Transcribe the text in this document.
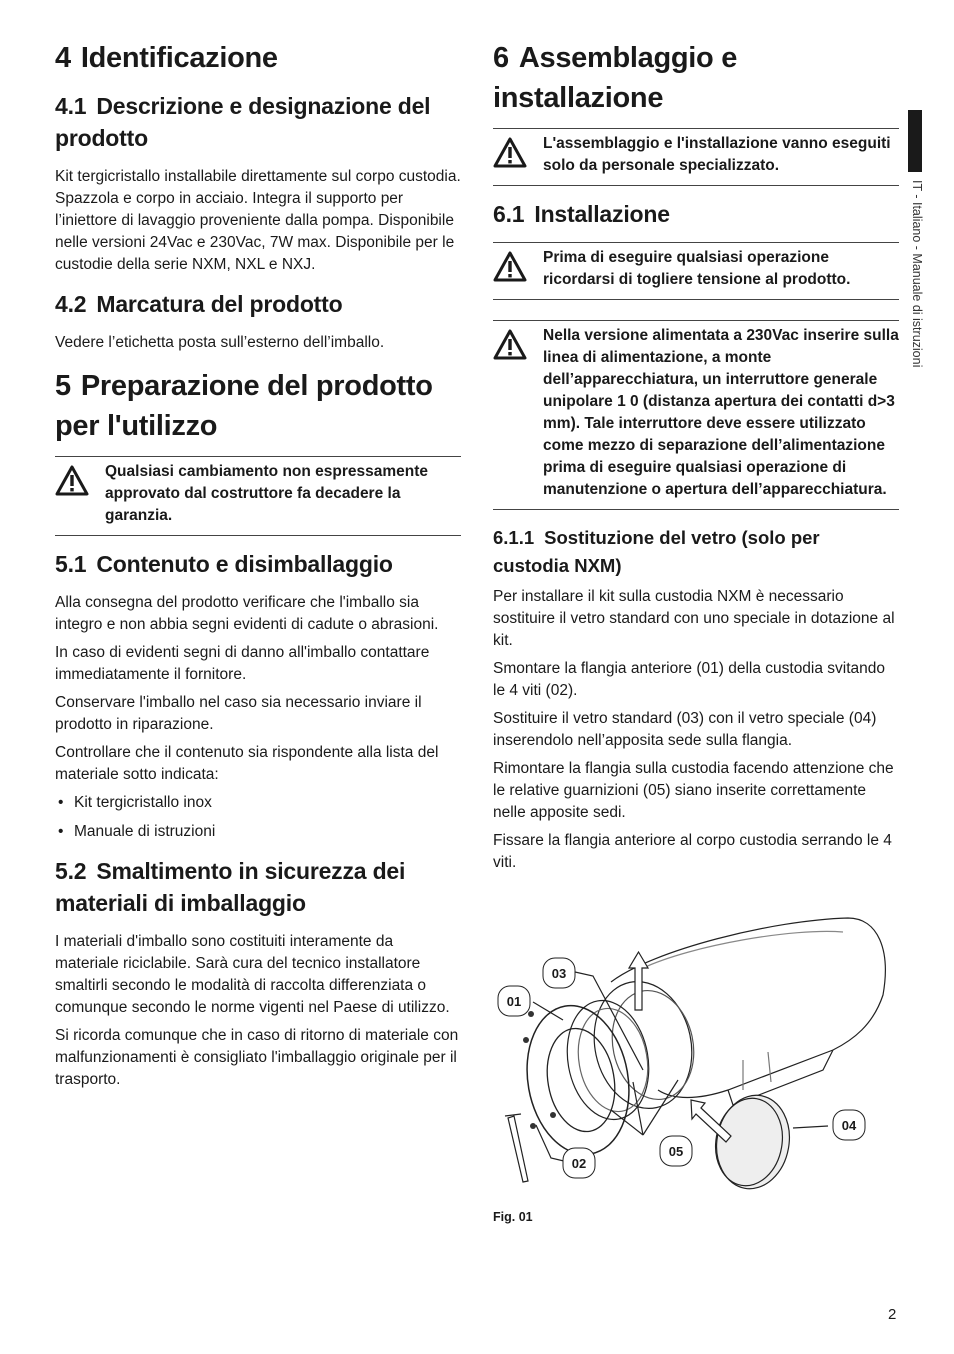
IT - Italiano - Manuale di istruzioni
4 Identificazione
4.1 Descrizione e designazione del prodotto

Kit tergicristallo installabile direttamente sul corpo custodia. Spazzola e corpo in acciaio. Integra il supporto per l’iniettore di lavaggio proveniente dalla pompa. Disponibile nelle versioni 24Vac e 230Vac, 7W max. Disponibile per le custodie della serie NXM, NXL e NXJ.

4.2 Marcatura del prodotto

Vedere l’etichetta posta sull’esterno dell’imballo.

5 Preparazione del prodotto per l'utilizzo
Qualsiasi cambiamento non espressamente approvato dal costruttore fa decadere la garanzia.
5.1 Contenuto e disimballaggio

Alla consegna del prodotto verificare che l'imballo sia integro e non abbia segni evidenti di cadute o abrasioni.

In caso di evidenti segni di danno all'imballo contattare immediatamente il fornitore.

Conservare l'imballo nel caso sia necessario inviare il prodotto in riparazione.

Controllare che il contenuto sia rispondente alla lista del materiale sotto indicata:

• Kit tergicristallo inox
• Manuale di istruzioni
5.2 Smaltimento in sicurezza dei materiali di imballaggio

I materiali d'imballo sono costituiti interamente da materiale riciclabile. Sarà cura del tecnico installatore smaltirli secondo le modalità di raccolta differenziata o comunque secondo le norme vigenti nel Paese di utilizzo.

Si ricorda comunque che in caso di ritorno di materiale con malfunzionamenti è consigliato l'imballaggio originale per il trasporto.

6 Assemblaggio e installazione
L'assemblaggio e l'installazione vanno eseguiti solo da personale specializzato.
6.1 Installazione
Prima di eseguire qualsiasi operazione ricordarsi di togliere tensione al prodotto.
Nella versione alimentata a 230Vac inserire sulla linea di alimentazione, a monte dell’apparecchiatura, un interruttore generale unipolare 1 0 (distanza apertura dei contatti d>3 mm). Tale interruttore deve essere utilizzato come mezzo di separazione dell’alimentazione prima di eseguire qualsiasi operazione di manutenzione o apertura dell’apparecchiatura.
6.1.1 Sostituzione del vetro (solo per custodia NXM)

Per installare il kit sulla custodia NXM è necessario sostituire il vetro standard con uno speciale in dotazione al kit.

Smontare la flangia anteriore (01) della custodia svitando le 4 viti (02).

Sostituire il vetro standard (03) con il vetro speciale (04) inserendolo nell’apposita sede sulla flangia.

Rimontare la flangia sulla custodia facendo attenzione che le relative guarnizioni (05) siano inserite correttamente nelle apposite sedi.

Fissare la flangia anteriore al corpo custodia serrando le 4 viti.

01
03
02
05
04
Fig. 01
2
